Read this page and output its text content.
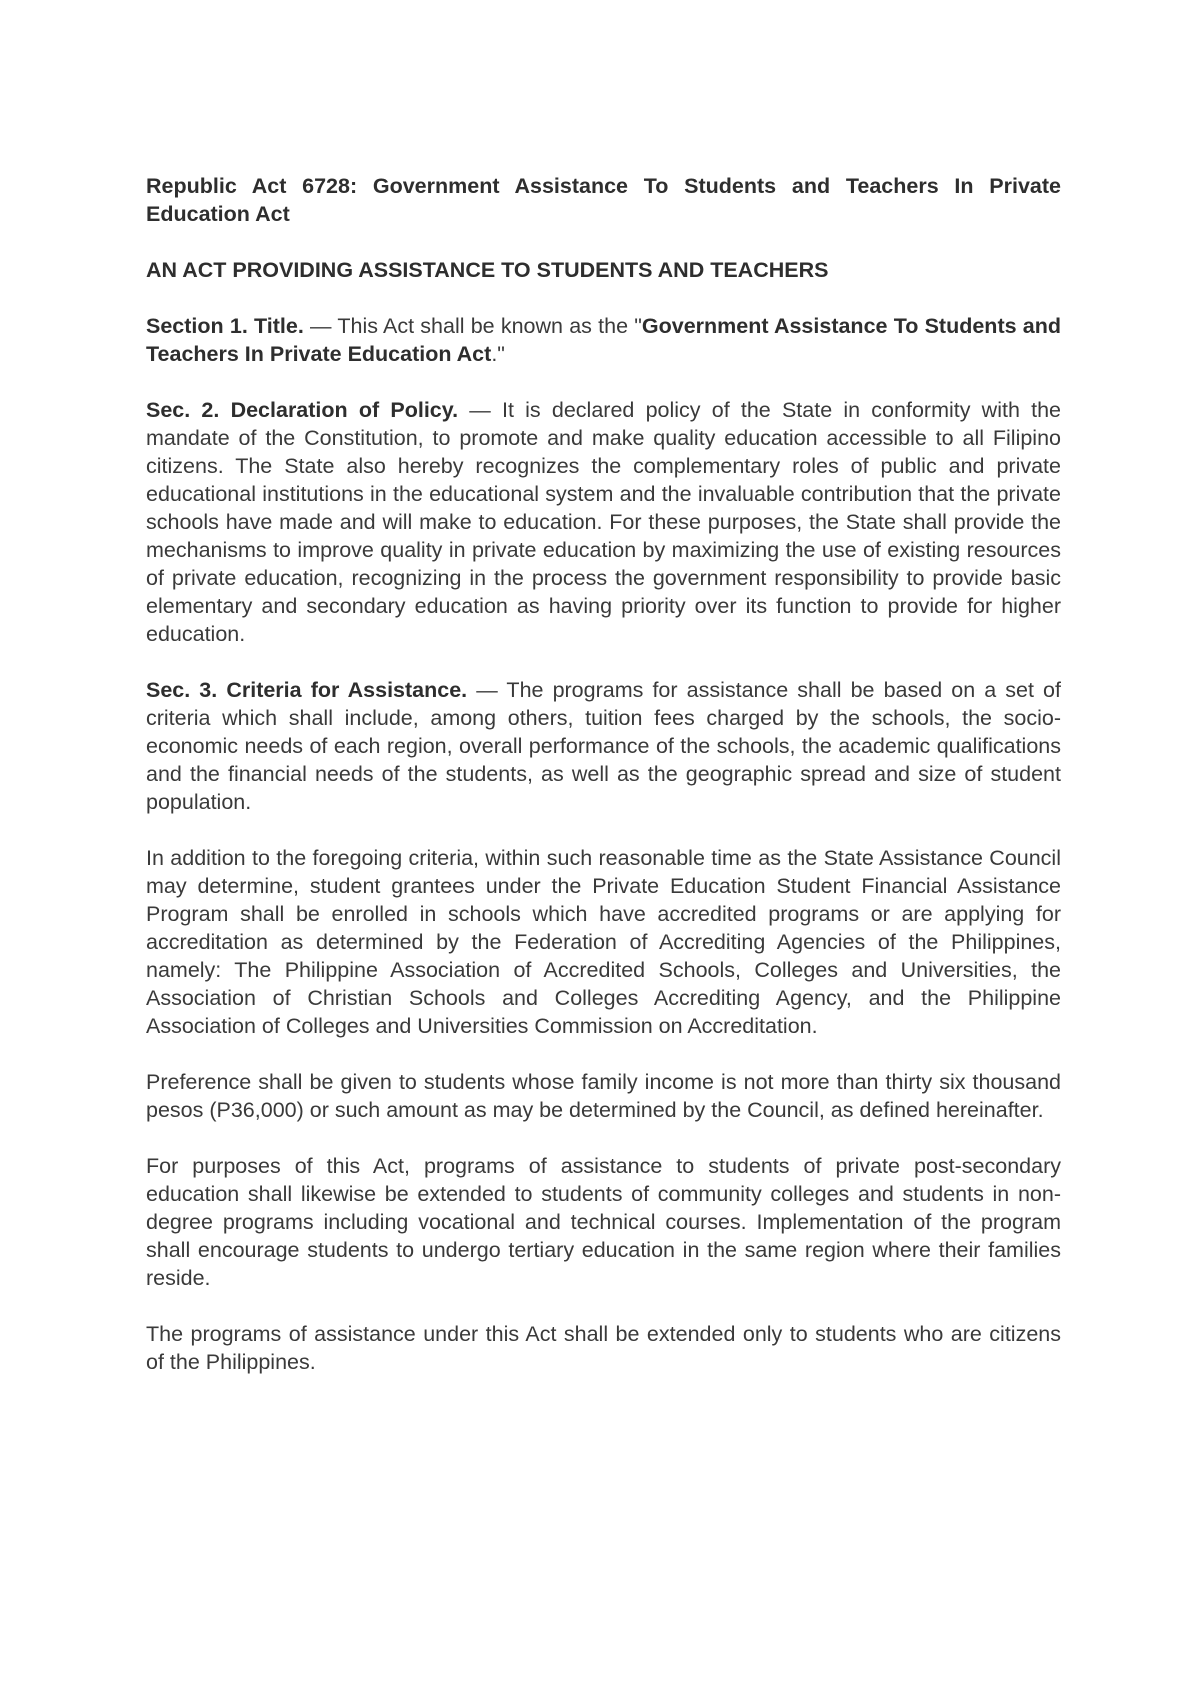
Republic Act 6728: Government Assistance To Students and Teachers In Private Education Act

AN ACT PROVIDING ASSISTANCE TO STUDENTS AND TEACHERS

Section 1. Title. — This Act shall be known as the "Government Assistance To Students and Teachers In Private Education Act."

Sec. 2. Declaration of Policy. — It is declared policy of the State in conformity with the mandate of the Constitution, to promote and make quality education accessible to all Filipino citizens. The State also hereby recognizes the complementary roles of public and private educational institutions in the educational system and the invaluable contribution that the private schools have made and will make to education. For these purposes, the State shall provide the mechanisms to improve quality in private education by maximizing the use of existing resources of private education, recognizing in the process the government responsibility to provide basic elementary and secondary education as having priority over its function to provide for higher education.

Sec. 3. Criteria for Assistance. — The programs for assistance shall be based on a set of criteria which shall include, among others, tuition fees charged by the schools, the socio-economic needs of each region, overall performance of the schools, the academic qualifications and the financial needs of the students, as well as the geographic spread and size of student population.

In addition to the foregoing criteria, within such reasonable time as the State Assistance Council may determine, student grantees under the Private Education Student Financial Assistance Program shall be enrolled in schools which have accredited programs or are applying for accreditation as determined by the Federation of Accrediting Agencies of the Philippines, namely: The Philippine Association of Accredited Schools, Colleges and Universities, the Association of Christian Schools and Colleges Accrediting Agency, and the Philippine Association of Colleges and Universities Commission on Accreditation.

Preference shall be given to students whose family income is not more than thirty six thousand pesos (P36,000) or such amount as may be determined by the Council, as defined hereinafter.

For purposes of this Act, programs of assistance to students of private post-secondary education shall likewise be extended to students of community colleges and students in non-degree programs including vocational and technical courses. Implementation of the program shall encourage students to undergo tertiary education in the same region where their families reside.

The programs of assistance under this Act shall be extended only to students who are citizens of the Philippines.
